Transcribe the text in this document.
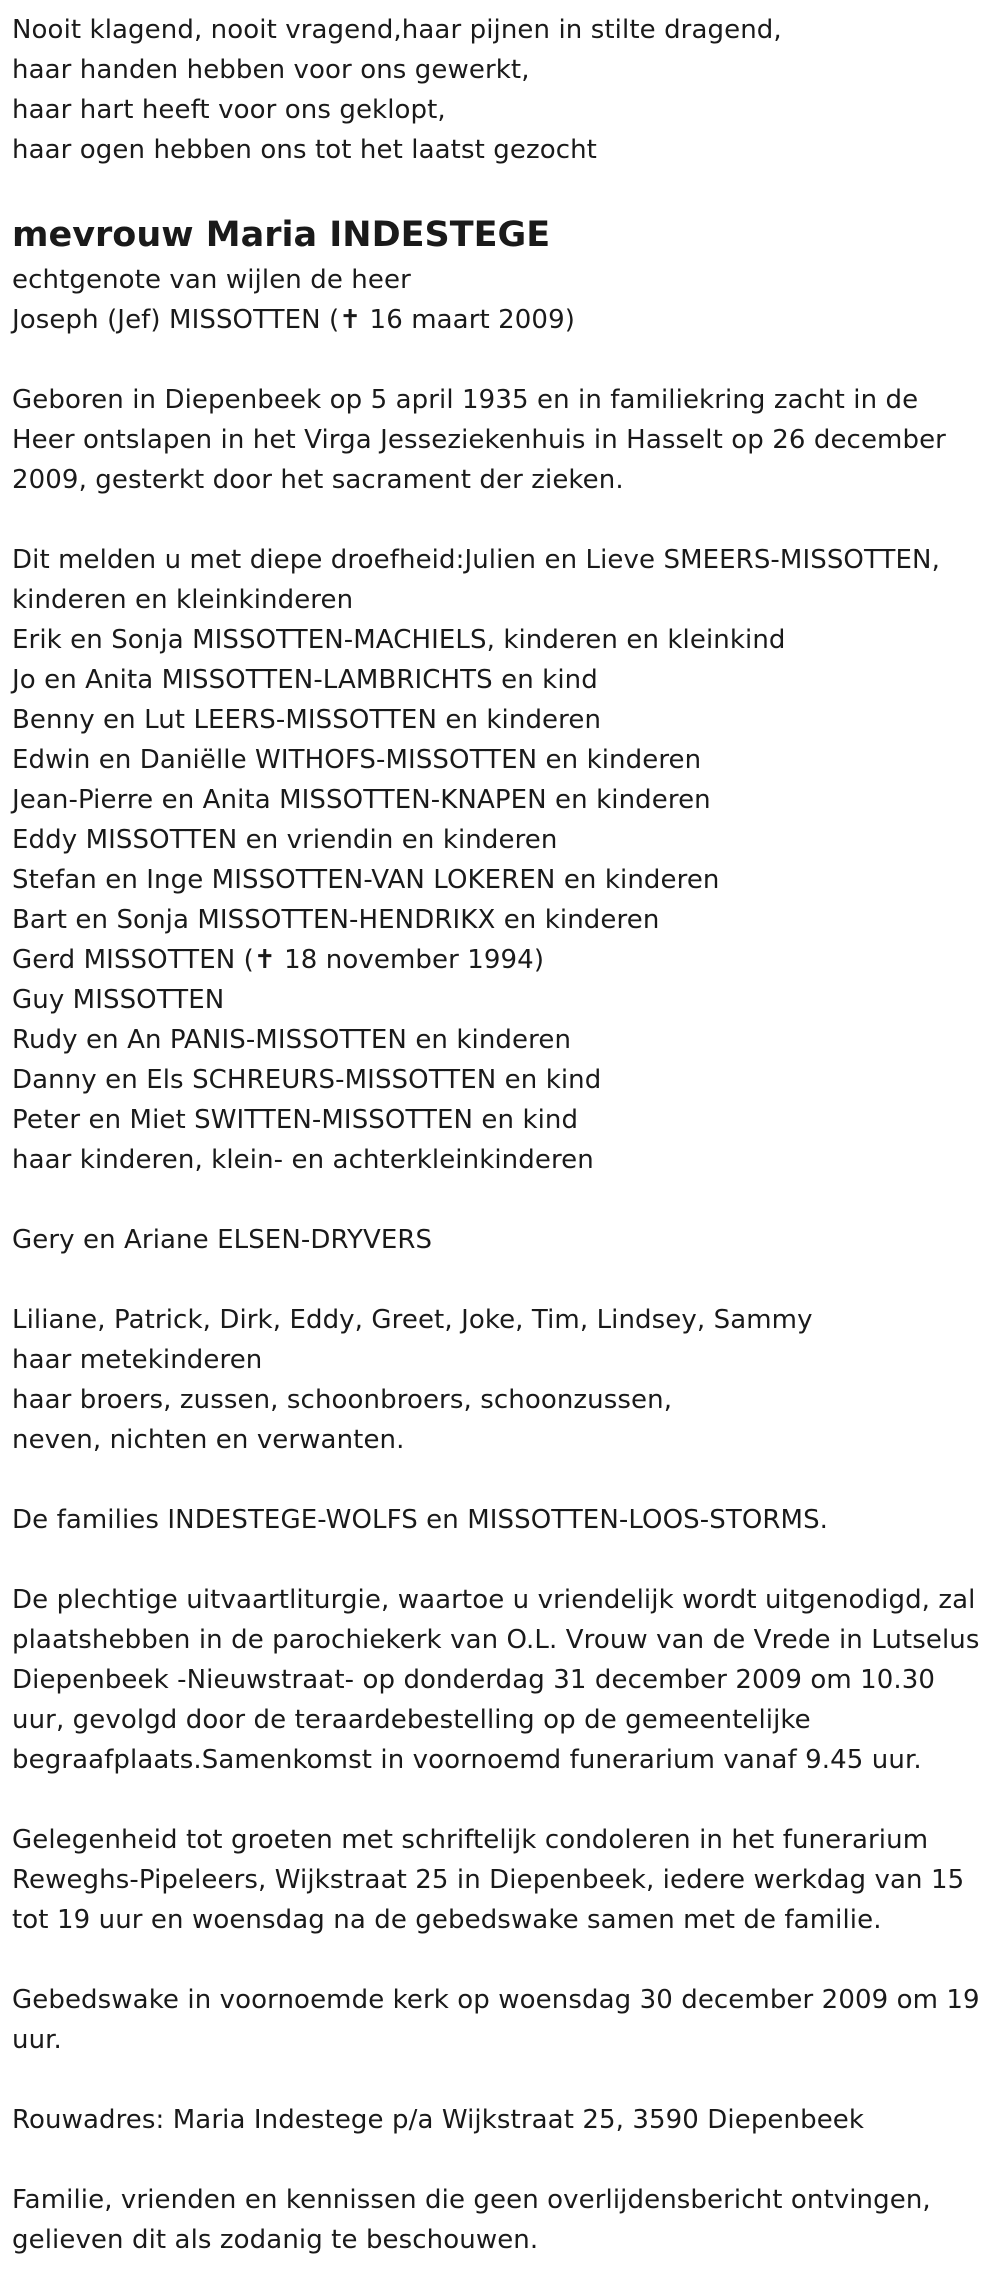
Nooit klagend, nooit vragend,haar pijnen in stilte dragend,
haar handen hebben voor ons gewerkt,
haar hart heeft voor ons geklopt,
haar ogen hebben ons tot het laatst gezocht
mevrouw Maria INDESTEGE
echtgenote van wijlen de heer
Joseph (Jef) MISSOTTEN (✝ 16 maart 2009)
Geboren in Diepenbeek op 5 april 1935 en in familiekring zacht in de
Heer ontslapen in het Virga Jesseziekenhuis in Hasselt op 26 december
2009, gesterkt door het sacrament der zieken.
Dit melden u met diepe droefheid:Julien en Lieve SMEERS-MISSOTTEN,
kinderen en kleinkinderen
Erik en Sonja MISSOTTEN-MACHIELS, kinderen en kleinkind
Jo en Anita MISSOTTEN-LAMBRICHTS en kind
Benny en Lut LEERS-MISSOTTEN en kinderen
Edwin en Daniëlle WITHOFS-MISSOTTEN en kinderen
Jean-Pierre en Anita MISSOTTEN-KNAPEN en kinderen
Eddy MISSOTTEN en vriendin en kinderen
Stefan en Inge MISSOTTEN-VAN LOKEREN en kinderen
Bart en Sonja MISSOTTEN-HENDRIKX en kinderen
Gerd MISSOTTEN (✝ 18 november 1994)
Guy MISSOTTEN
Rudy en An PANIS-MISSOTTEN en kinderen
Danny en Els SCHREURS-MISSOTTEN en kind
Peter en Miet SWITTEN-MISSOTTEN en kind
haar kinderen, klein- en achterkleinkinderen
Gery en Ariane ELSEN-DRYVERS
Liliane, Patrick, Dirk, Eddy, Greet, Joke, Tim, Lindsey, Sammy
haar metekinderen
haar broers, zussen, schoonbroers, schoonzussen,
neven, nichten en verwanten.
De families INDESTEGE-WOLFS en MISSOTTEN-LOOS-STORMS.
De plechtige uitvaartliturgie, waartoe u vriendelijk wordt uitgenodigd, zal
plaatshebben in de parochiekerk van O.L. Vrouw van de Vrede in Lutselus
Diepenbeek -Nieuwstraat- op donderdag 31 december 2009 om 10.30
uur, gevolgd door de teraardebestelling op de gemeentelijke
begraafplaats.Samenkomst in voornoemd funerarium vanaf 9.45 uur.
Gelegenheid tot groeten met schriftelijk condoleren in het funerarium
Reweghs-Pipeleers, Wijkstraat 25 in Diepenbeek, iedere werkdag van 15
tot 19 uur en woensdag na de gebedswake samen met de familie.
Gebedswake in voornoemde kerk op woensdag 30 december 2009 om 19
uur.
Rouwadres: Maria Indestege p/a Wijkstraat 25, 3590 Diepenbeek
Familie, vrienden en kennissen die geen overlijdensbericht ontvingen,
gelieven dit als zodanig te beschouwen.
